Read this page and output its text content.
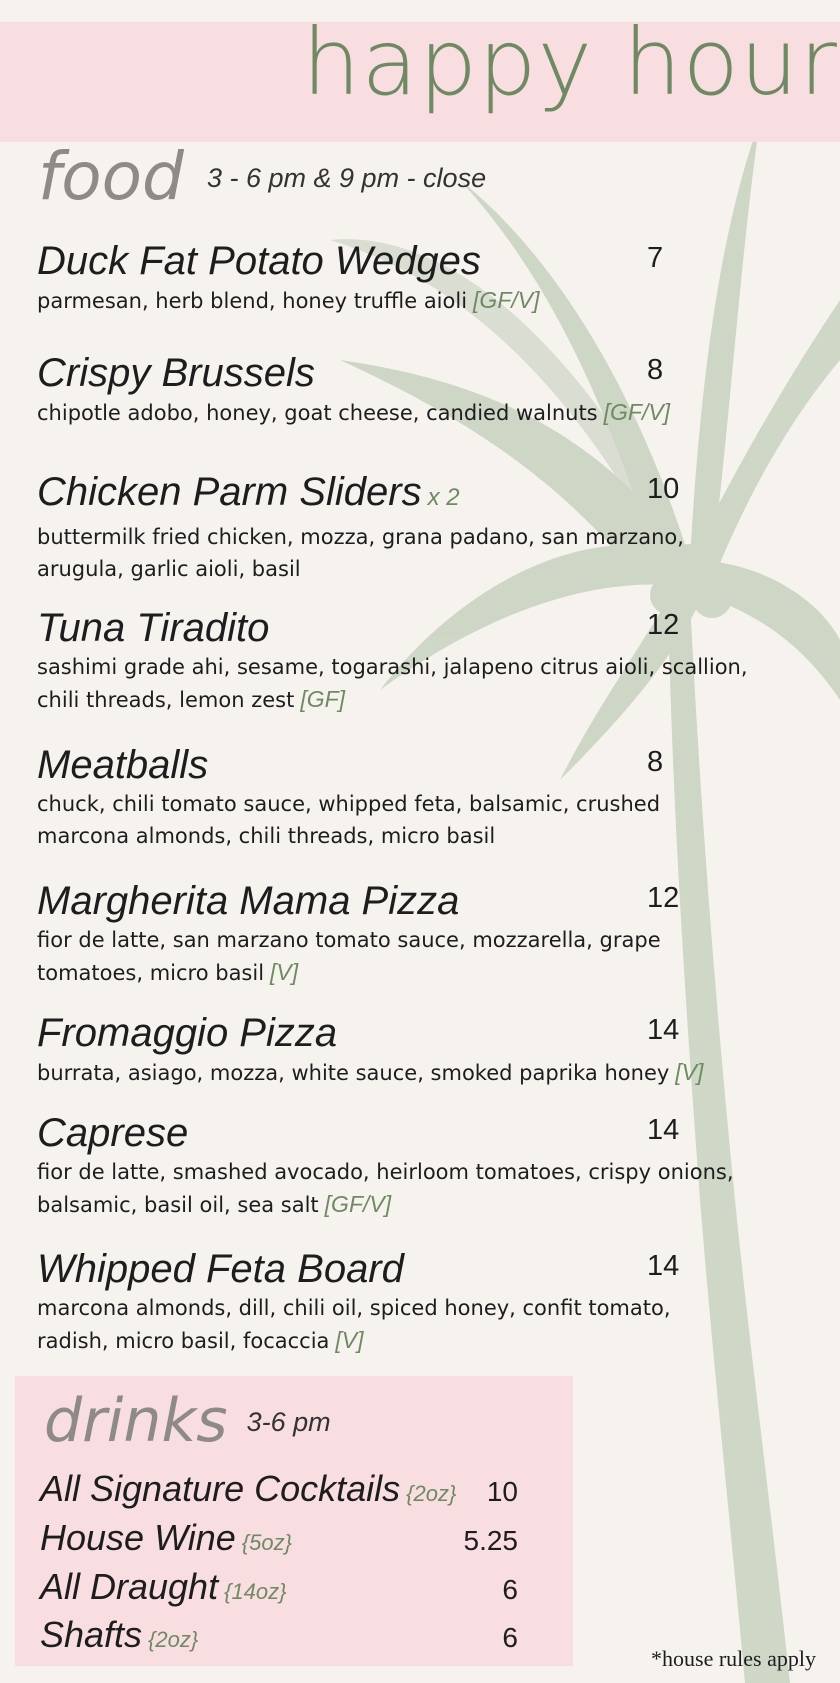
happy hour
food 3 - 6 pm & 9 pm - close
Duck Fat Potato Wedges	7
parmesan, herb blend, honey truffle aioli [GF/V]
Crispy Brussels	8
chipotle adobo, honey, goat cheese, candied walnuts [GF/V]
Chicken Parm Sliders x 2	10
buttermilk fried chicken, mozza, grana padano, san marzano,
arugula, garlic aioli, basil
Tuna Tiradito	12
sashimi grade ahi, sesame, togarashi, jalapeno citrus aioli, scallion,
chili threads, lemon zest [GF]
Meatballs	8
chuck, chili tomato sauce, whipped feta, balsamic, crushed
marcona almonds, chili threads, micro basil
Margherita Mama Pizza	12
fior de latte, san marzano tomato sauce, mozzarella, grape
tomatoes, micro basil [V]
Fromaggio Pizza	14
burrata, asiago, mozza, white sauce, smoked paprika honey [V]
Caprese	14
fior de latte, smashed avocado, heirloom tomatoes, crispy onions,
balsamic, basil oil, sea salt [GF/V]
Whipped Feta Board	14
marcona almonds, dill, chili oil, spiced honey, confit tomato,
radish, micro basil, focaccia [V]
drinks 3-6 pm
All Signature Cocktails {2oz} 10
House Wine {5oz}	5.25
All Draught {14oz}	6
Shafts {2oz}	6
*house rules apply
